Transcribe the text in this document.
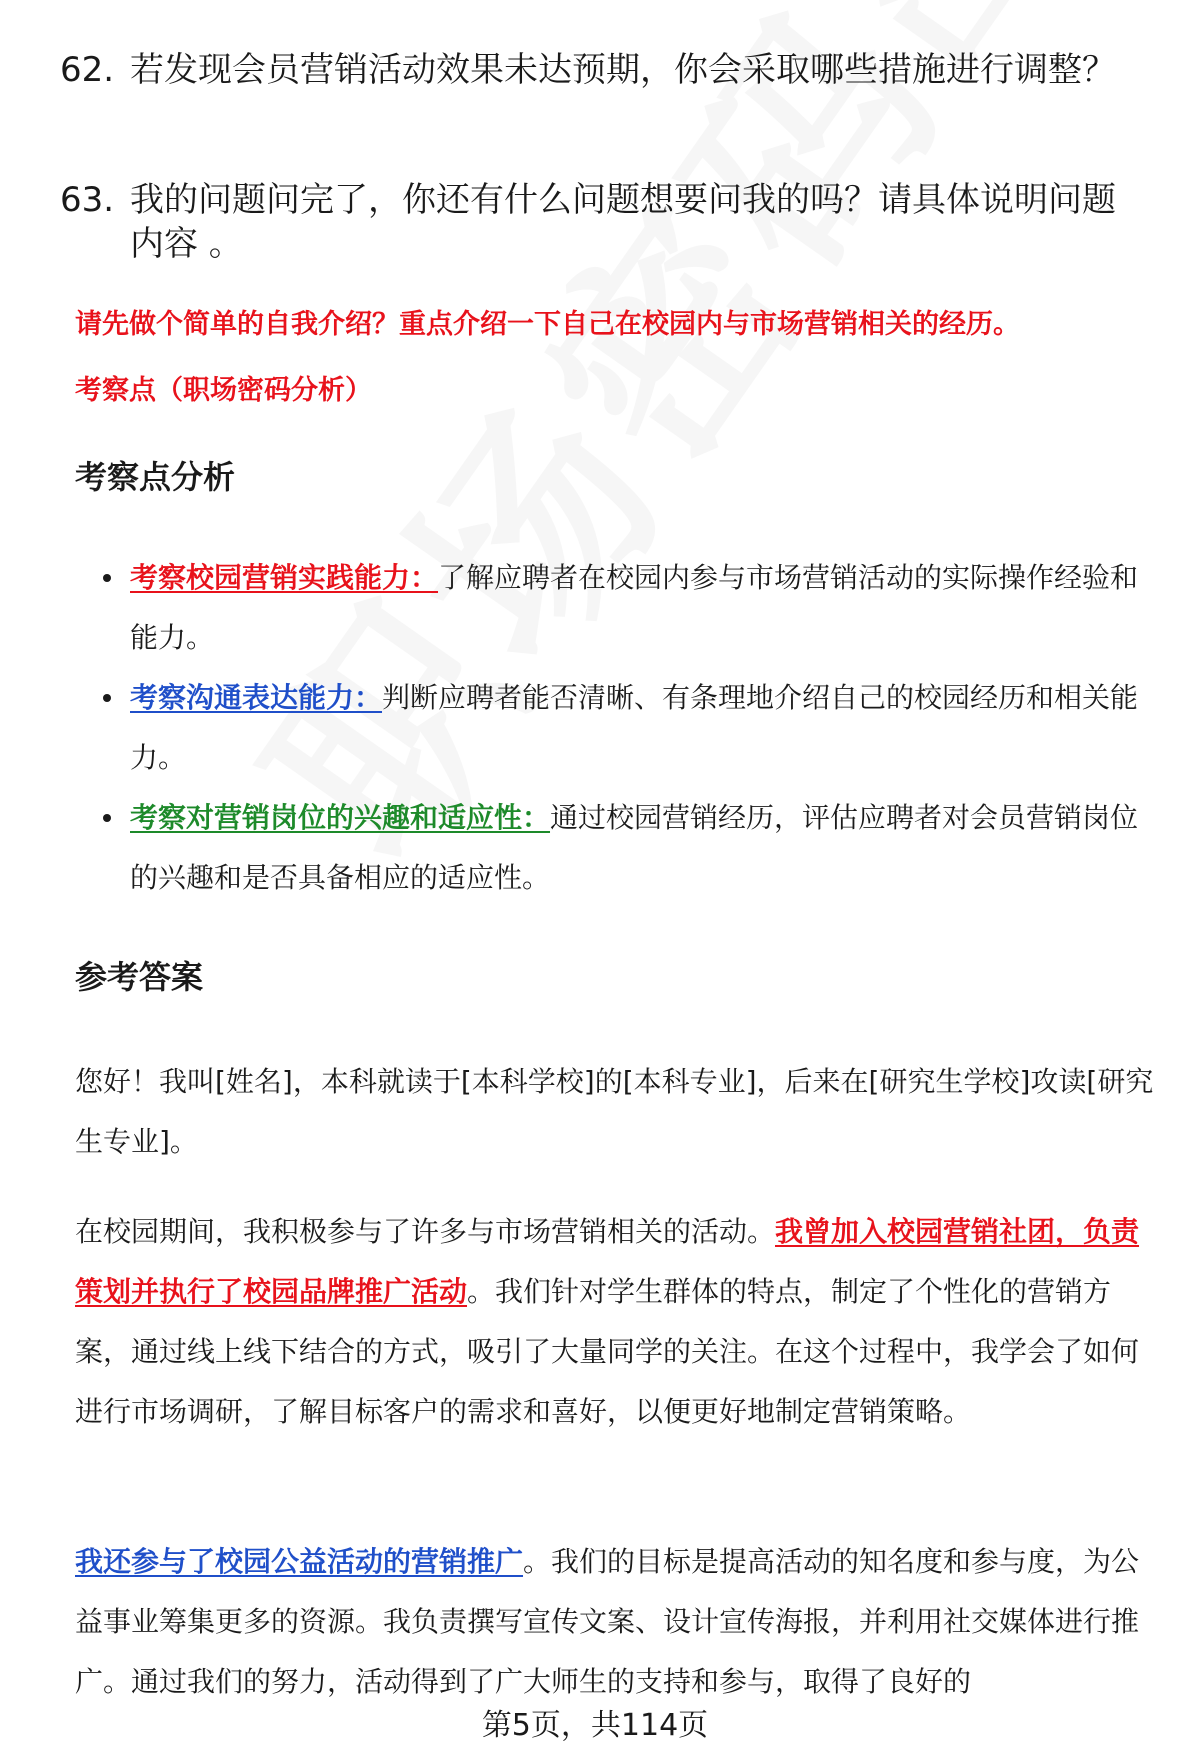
62. 若发现会员营销活动效果未达预期，你会采取哪些措施进行调整？
63. 我的问题问完了，你还有什么问题想要问我的吗？请具体说明问题内容 。
请先做个简单的自我介绍？重点介绍一下自己在校园内与市场营销相关的经历。
考察点（职场密码分析）
考察点分析
考察校园营销实践能力：了解应聘者在校园内参与市场营销活动的实际操作经验和能力。
考察沟通表达能力：判断应聘者能否清晰、有条理地介绍自己的校园经历和相关能力。
考察对营销岗位的兴趣和适应性：通过校园营销经历，评估应聘者对会员营销岗位的兴趣和是否具备相应的适应性。
参考答案
您好！我叫[姓名]，本科就读于[本科学校]的[本科专业]，后来在[研究生学校]攻读[研究生专业]。
在校园期间，我积极参与了许多与市场营销相关的活动。我曾加入校园营销社团，负责策划并执行了校园品牌推广活动。我们针对学生群体的特点，制定了个性化的营销方案，通过线上线下结合的方式，吸引了大量同学的关注。在这个过程中，我学会了如何进行市场调研，了解目标客户的需求和喜好，以便更好地制定营销策略。
我还参与了校园公益活动的营销推广。我们的目标是提高活动的知名度和参与度，为公益事业筹集更多的资源。我负责撰写宣传文案、设计宣传海报，并利用社交媒体进行推广。通过我们的努力，活动得到了广大师生的支持和参与，取得了良好的
第5页，共114页
